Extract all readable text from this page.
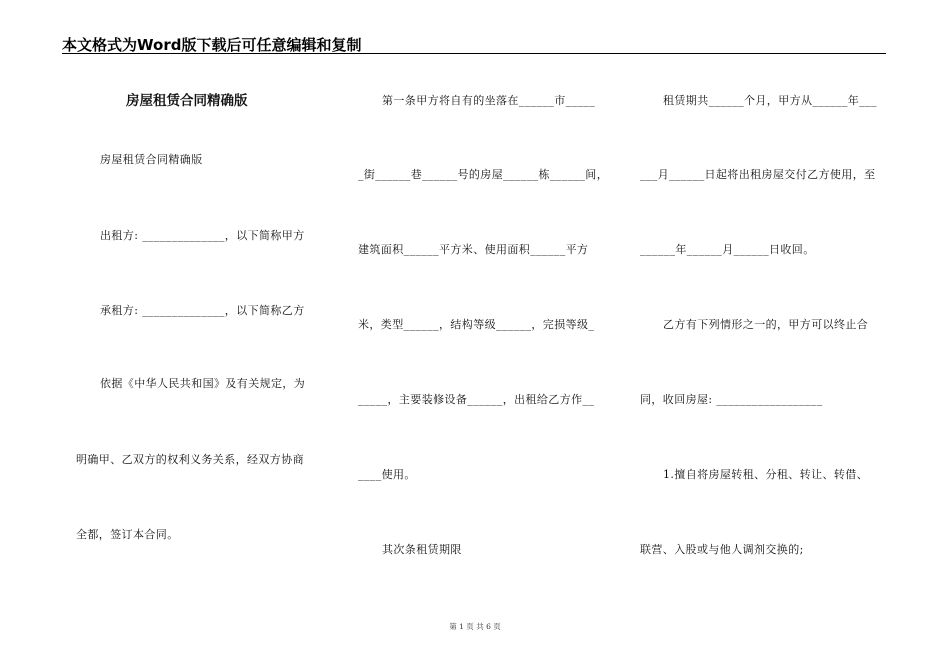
本文格式为Word版下载后可任意编辑和复制
房屋租赁合同精确版
房屋租赁合同精确版
出租方: ______________，以下简称甲方
承租方: ______________，以下简称乙方
依据《中华人民共和国》及有关规定，为
明确甲、乙双方的权利义务关系，经双方协商
全都，签订本合同。
第一条甲方将自有的坐落在______市_____
_街______巷______号的房屋______栋______间，
建筑面积______平方米、使用面积______平方
米，类型______，结构等级______，完损等级_
_____，主要装修设备______，出租给乙方作__
____使用。
其次条租赁期限
租赁期共______个月，甲方从______年___
___月______日起将出租房屋交付乙方使用，至
______年______月______日收回。
乙方有下列情形之一的，甲方可以终止合
同，收回房屋: __________________
1.擅自将房屋转租、分租、转让、转借、
联营、入股或与他人调剂交换的;
第 1 页 共 6 页
